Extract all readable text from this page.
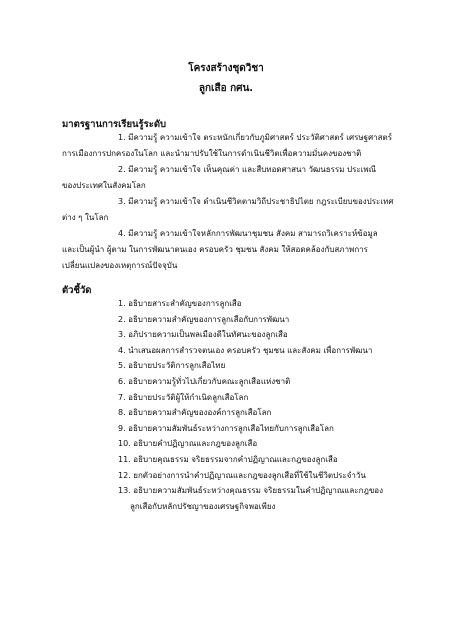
โครงสร้างชุดวิชา
ลูกเสือ กศน.
มาตรฐานการเรียนรู้ระดับ
1. มีความรู้ ความเข้าใจ ตระหนักเกี่ยวกับภูมิศาสตร์ ประวัติศาสตร์ เศรษฐศาสตร์
การเมืองการปกครองในโลก และนำมาปรับใช้ในการดำเนินชีวิตเพื่อความมั่นคงของชาติ
2. มีความรู้ ความเข้าใจ เห็นคุณค่า และสืบทอดศาสนา วัฒนธรรม ประเพณี
ของประเทศในสังคมโลก
3. มีความรู้ ความเข้าใจ ดำเนินชีวิตตามวิถีประชาธิปไตย กฎระเบียบของประเทศ
ต่าง ๆ ในโลก
4. มีความรู้ ความเข้าใจหลักการพัฒนาชุมชน สังคม สามารถวิเคราะห์ข้อมูล
และเป็นผู้นำ ผู้ตาม ในการพัฒนาตนเอง ครอบครัว ชุมชน สังคม ให้สอดคล้องกับสภาพการ
เปลี่ยนแปลงของเหตุการณ์ปัจจุบัน
ตัวชี้วัด
1. อธิบายสาระสำคัญของการลูกเสือ
2. อธิบายความสำคัญของการลูกเสือกับการพัฒนา
3. อภิปรายความเป็นพลเมืองดีในทัศนะของลูกเสือ
4. นำเสนอผลการสำรวจตนเอง ครอบครัว ชุมชน และสังคม เพื่อการพัฒนา
5. อธิบายประวัติการลูกเสือไทย
6. อธิบายความรู้ทั่วไปเกี่ยวกับคณะลูกเสือแห่งชาติ
7. อธิบายประวัติผู้ให้กำเนิดลูกเสือโลก
8. อธิบายความสำคัญขององค์การลูกเสือโลก
9. อธิบายความสัมพันธ์ระหว่างการลูกเสือไทยกับการลูกเสือโลก
10. อธิบายคำปฏิญาณและกฎของลูกเสือ
11. อธิบายคุณธรรม จริยธรรมจากคำปฏิญาณและกฎของลูกเสือ
12. ยกตัวอย่างการนำคำปฏิญาณและกฎของลูกเสือที่ใช้ในชีวิตประจำวัน
13. อธิบายความสัมพันธ์ระหว่างคุณธรรม จริยธรรมในคำปฏิญาณและกฎของ
ลูกเสือกับหลักปรัชญาของเศรษฐกิจพอเพียง
